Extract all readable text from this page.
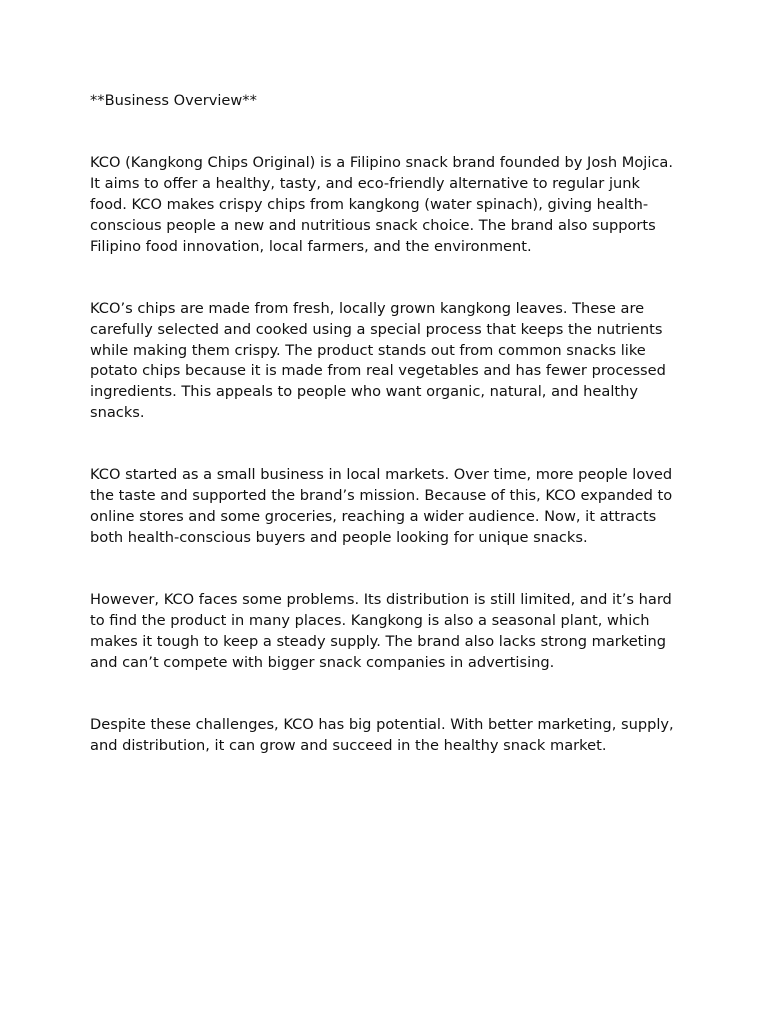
**Business Overview**

KCO (Kangkong Chips Original) is a Filipino snack brand founded by Josh Mojica. It aims to offer a healthy, tasty, and eco-friendly alternative to regular junk food. KCO makes crispy chips from kangkong (water spinach), giving health-conscious people a new and nutritious snack choice. The brand also supports Filipino food innovation, local farmers, and the environment.

KCO’s chips are made from fresh, locally grown kangkong leaves. These are carefully selected and cooked using a special process that keeps the nutrients while making them crispy. The product stands out from common snacks like potato chips because it is made from real vegetables and has fewer processed ingredients. This appeals to people who want organic, natural, and healthy snacks.

KCO started as a small business in local markets. Over time, more people loved the taste and supported the brand’s mission. Because of this, KCO expanded to online stores and some groceries, reaching a wider audience. Now, it attracts both health-conscious buyers and people looking for unique snacks.

However, KCO faces some problems. Its distribution is still limited, and it’s hard to find the product in many places. Kangkong is also a seasonal plant, which makes it tough to keep a steady supply. The brand also lacks strong marketing and can’t compete with bigger snack companies in advertising.

Despite these challenges, KCO has big potential. With better marketing, supply, and distribution, it can grow and succeed in the healthy snack market.
